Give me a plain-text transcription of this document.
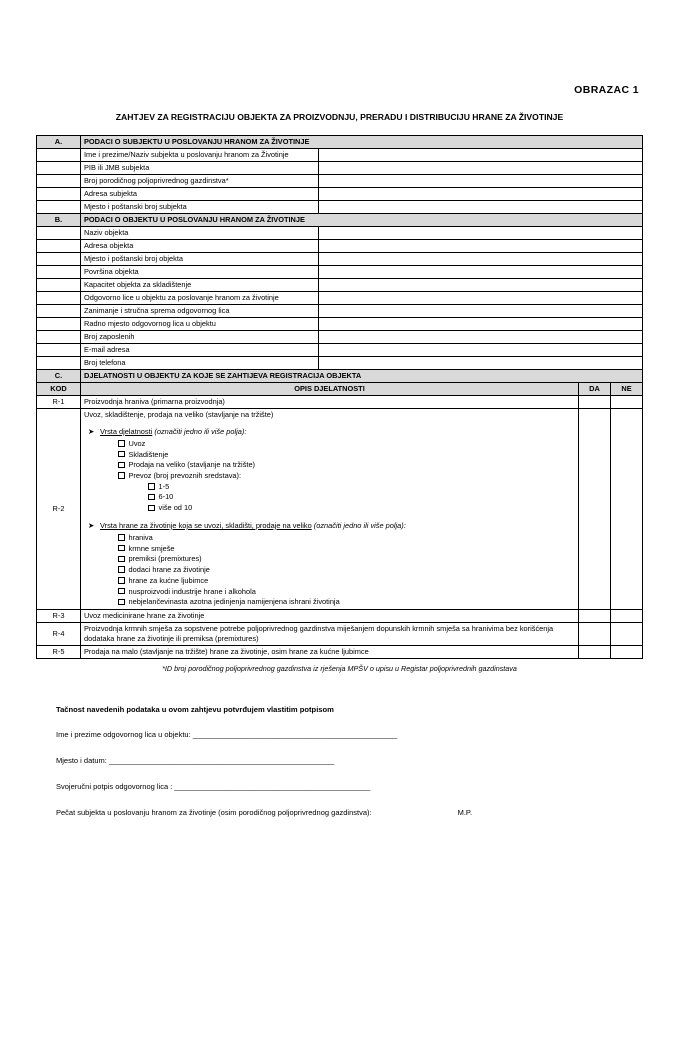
OBRAZAC 1
ZAHTJEV ZA REGISTRACIJU OBJEKTA ZA PROIZVODNJU, PRERADU I DISTRIBUCIJU HRANE ZA ŽIVOTINJE
A.	PODACI O SUBJEKTU U POSLOVANJU HRANOM ZA ŽIVOTINJE			
	Ime i prezime/Naziv subjekta u poslovanju hranom za Životinje			
	PIB ili JMB subjekta			
	Broj porodičnog poljoprivrednog gazdinstva*			
	Adresa subjekta			
	Mjesto i poštanski broj subjekta			
B.	PODACI O OBJEKTU U POSLOVANJU HRANOM ZA ŽIVOTINJE			
	Naziv objekta			
	Adresa objekta			
	Mjesto i poštanski broj objekta			
	Površina objekta			
	Kapacitet objekta za skladištenje			
	Odgovorno lice u objektu za poslovanje hranom za životinje			
	Zanimanje i stručna sprema odgovornog lica			
	Radno mjesto odgovornog lica u objektu			
	Broj zaposlenih			
	E-mail adresa			
	Broj telefona			
C.	DJELATNOSTI U OBJEKTU ZA KOJE SE ZAHTIJEVA REGISTRACIJA OBJEKTA			
KOD	OPIS DJELATNOSTI		DA	NE
R-1	Proizvodnja hraniva (primarna proizvodnja)			
R-2	
Uvoz, skladištenje, prodaja na veliko (stavljanje na tržište)
➤ Vrsta djelatnosti (označiti jedno ili više polja):
Uvoz
Skladištenje
Prodaja na veliko (stavljanje na tržište)
Prevoz (broj prevoznih sredstava):
1-5
6-10
više od 10
➤ Vrsta hrane za životinje koja se uvozi, skladišti, prodaje na veliko (označiti jedno ili više polja):
hraniva
krmne smješe
premiksi (premixtures)
dodaci hrane za životinje
hrane za kućne ljubimce
nusproizvodi industrije hrane i alkohola
nebjelančevinasta azotna jedinjenja namijenjena ishrani životinja

R-3	Uvoz medicinirane hrane za životinje			
R-4	Proizvodnja krmnih smješa za sopstvene potrebe poljoprivrednog gazdinstva miješanjem dopunskih krmnih smješa sa hranivima bez korišćenja dodataka hrane za životinje ili premiksa (premixtures)			
R-5	Prodaja na malo (stavljanje na tržište) hrane za životinje, osim hrane za kućne ljubimce			
*ID broj porodičnog poljoprivrednog gazdinstva iz rješenja MPŠV o upisu u Registar poljoprivrednih gazdinstava
Tačnost navedenih podataka u ovom zahtjevu potvrđujem vlastitim potpisom
Ime i prezime odgovornog lica u objektu: _________________________________________________
Mjesto i datum: ______________________________________________________
Svojeručni potpis odgovornog lica : _______________________________________________
Pečat subjekta u poslovanju hranom za životinje (osim porodičnog poljoprivrednog gazdinstva):	M.P.
